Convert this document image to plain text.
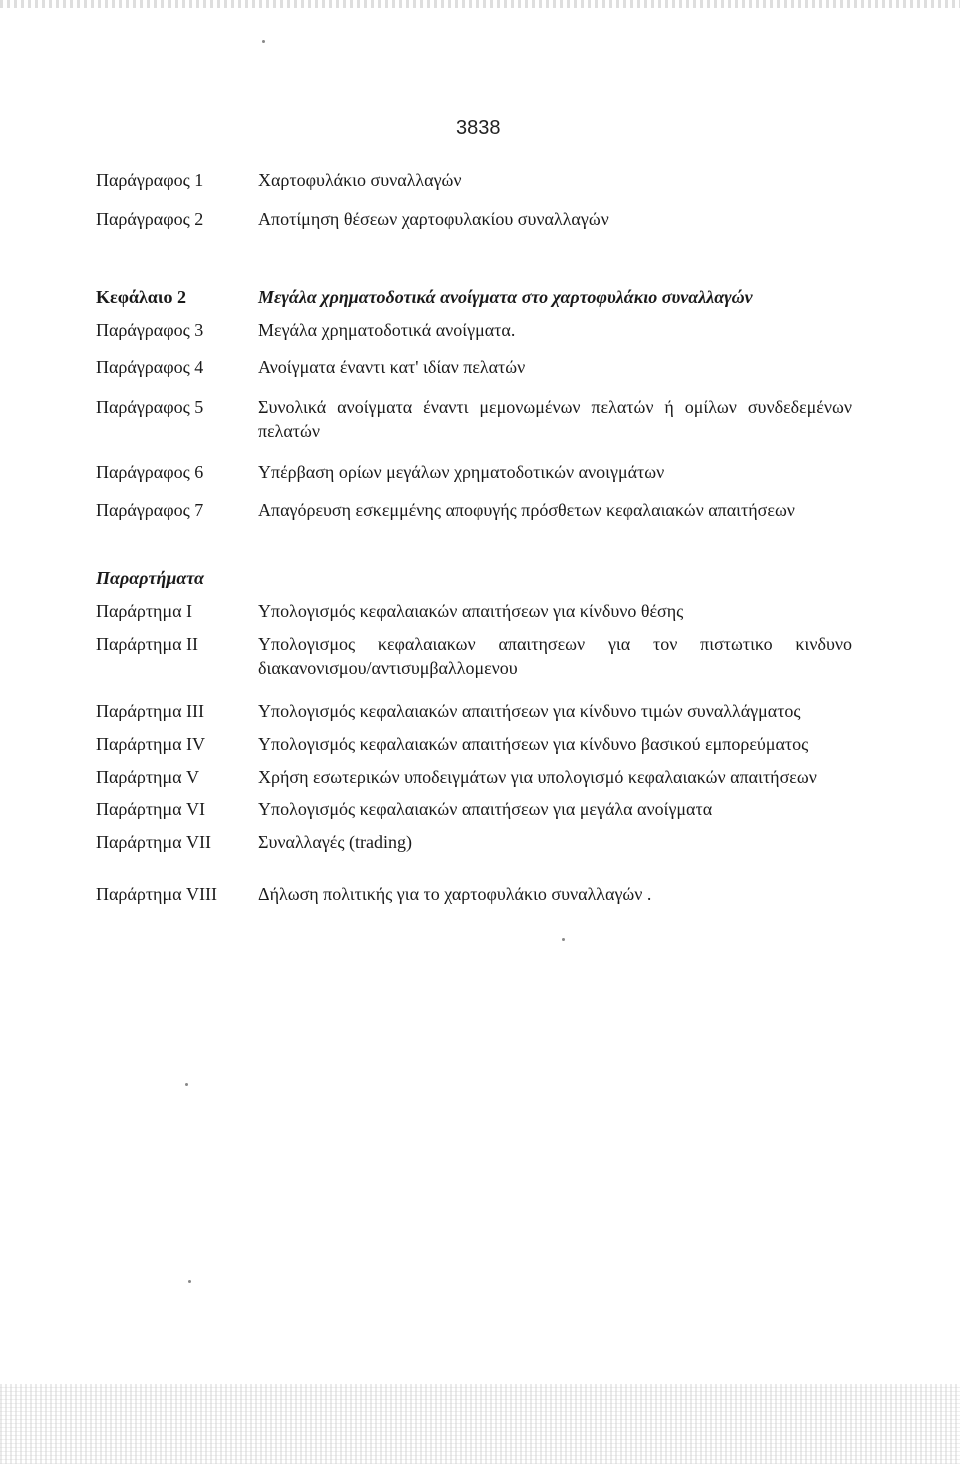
3838
Παράγραφος 1	Χαρτοφυλάκιο συναλλαγών
Παράγραφος 2	Αποτίμηση θέσεων χαρτοφυλακίου συναλλαγών
Κεφάλαιο 2	Μεγάλα χρηματοδοτικά ανοίγματα στο χαρτοφυλάκιο συναλλαγών
Παράγραφος 3	Μεγάλα χρηματοδοτικά ανοίγματα.
Παράγραφος 4	Ανοίγματα έναντι κατ' ιδίαν πελατών
Παράγραφος 5	Συνολικά ανοίγματα έναντι μεμονωμένων πελατών ή ομίλων συνδεδεμένων πελατών
Παράγραφος 6	Υπέρβαση ορίων μεγάλων χρηματοδοτικών ανοιγμάτων
Παράγραφος 7	Απαγόρευση εσκεμμένης αποφυγής πρόσθετων κεφαλαιακών απαιτήσεων
Παραρτήματα
Παράρτημα I	Υπολογισμός κεφαλαιακών απαιτήσεων για κίνδυνο θέσης
Παράρτημα II	Υπολογισμος κεφαλαιακων απαιτησεων για τον πιστωτικο κινδυνο διακανονισμου/αντισυμβαλλομενου
Παράρτημα III	Υπολογισμός κεφαλαιακών απαιτήσεων για κίνδυνο τιμών συναλλάγματος
Παράρτημα IV	Υπολογισμός κεφαλαιακών απαιτήσεων για κίνδυνο βασικού εμπορεύματος
Παράρτημα V	Χρήση εσωτερικών υποδειγμάτων για υπολογισμό κεφαλαιακών απαιτήσεων
Παράρτημα VI	Υπολογισμός κεφαλαιακών απαιτήσεων για μεγάλα ανοίγματα
Παράρτημα VII	Συναλλαγές (trading)
Παράρτημα VIII Δήλωση πολιτικής για το χαρτοφυλάκιο συναλλαγών .
